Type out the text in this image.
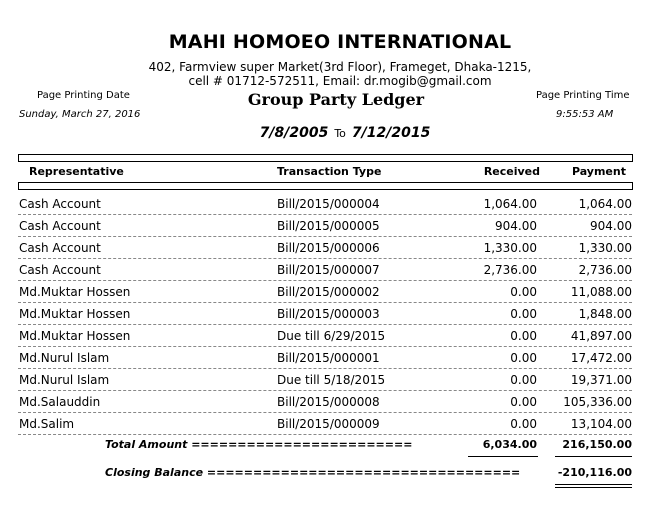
MAHI HOMOEO INTERNATIONAL
402, Farmview super Market(3rd Floor), Frameget, Dhaka-1215,
cell # 01712-572511, Email: dr.mogib@gmail.com
Page Printing Date
Sunday, March 27, 2016
Page Printing Time
9:55:53 AM
Group Party Ledger
7/8/2005 To 7/12/2015
Representative	Transaction Type	Received	Payment
Cash Account	Bill/2015/000004	1,064.00	1,064.00
Cash Account	Bill/2015/000005	904.00	904.00
Cash Account	Bill/2015/000006	1,330.00	1,330.00
Cash Account	Bill/2015/000007	2,736.00	2,736.00
Md.Muktar Hossen	Bill/2015/000002	0.00	11,088.00
Md.Muktar Hossen	Bill/2015/000003	0.00	1,848.00
Md.Muktar Hossen	Due till 6/29/2015	0.00	41,897.00
Md.Nurul Islam	Bill/2015/000001	0.00	17,472.00
Md.Nurul Islam	Due till 5/18/2015	0.00	19,371.00
Md.Salauddin	Bill/2015/000008	0.00	105,336.00
Md.Salim	Bill/2015/000009	0.00	13,104.00
Total Amount ========================	6,034.00	216,150.00
Closing Balance ==================================	-210,116.00
